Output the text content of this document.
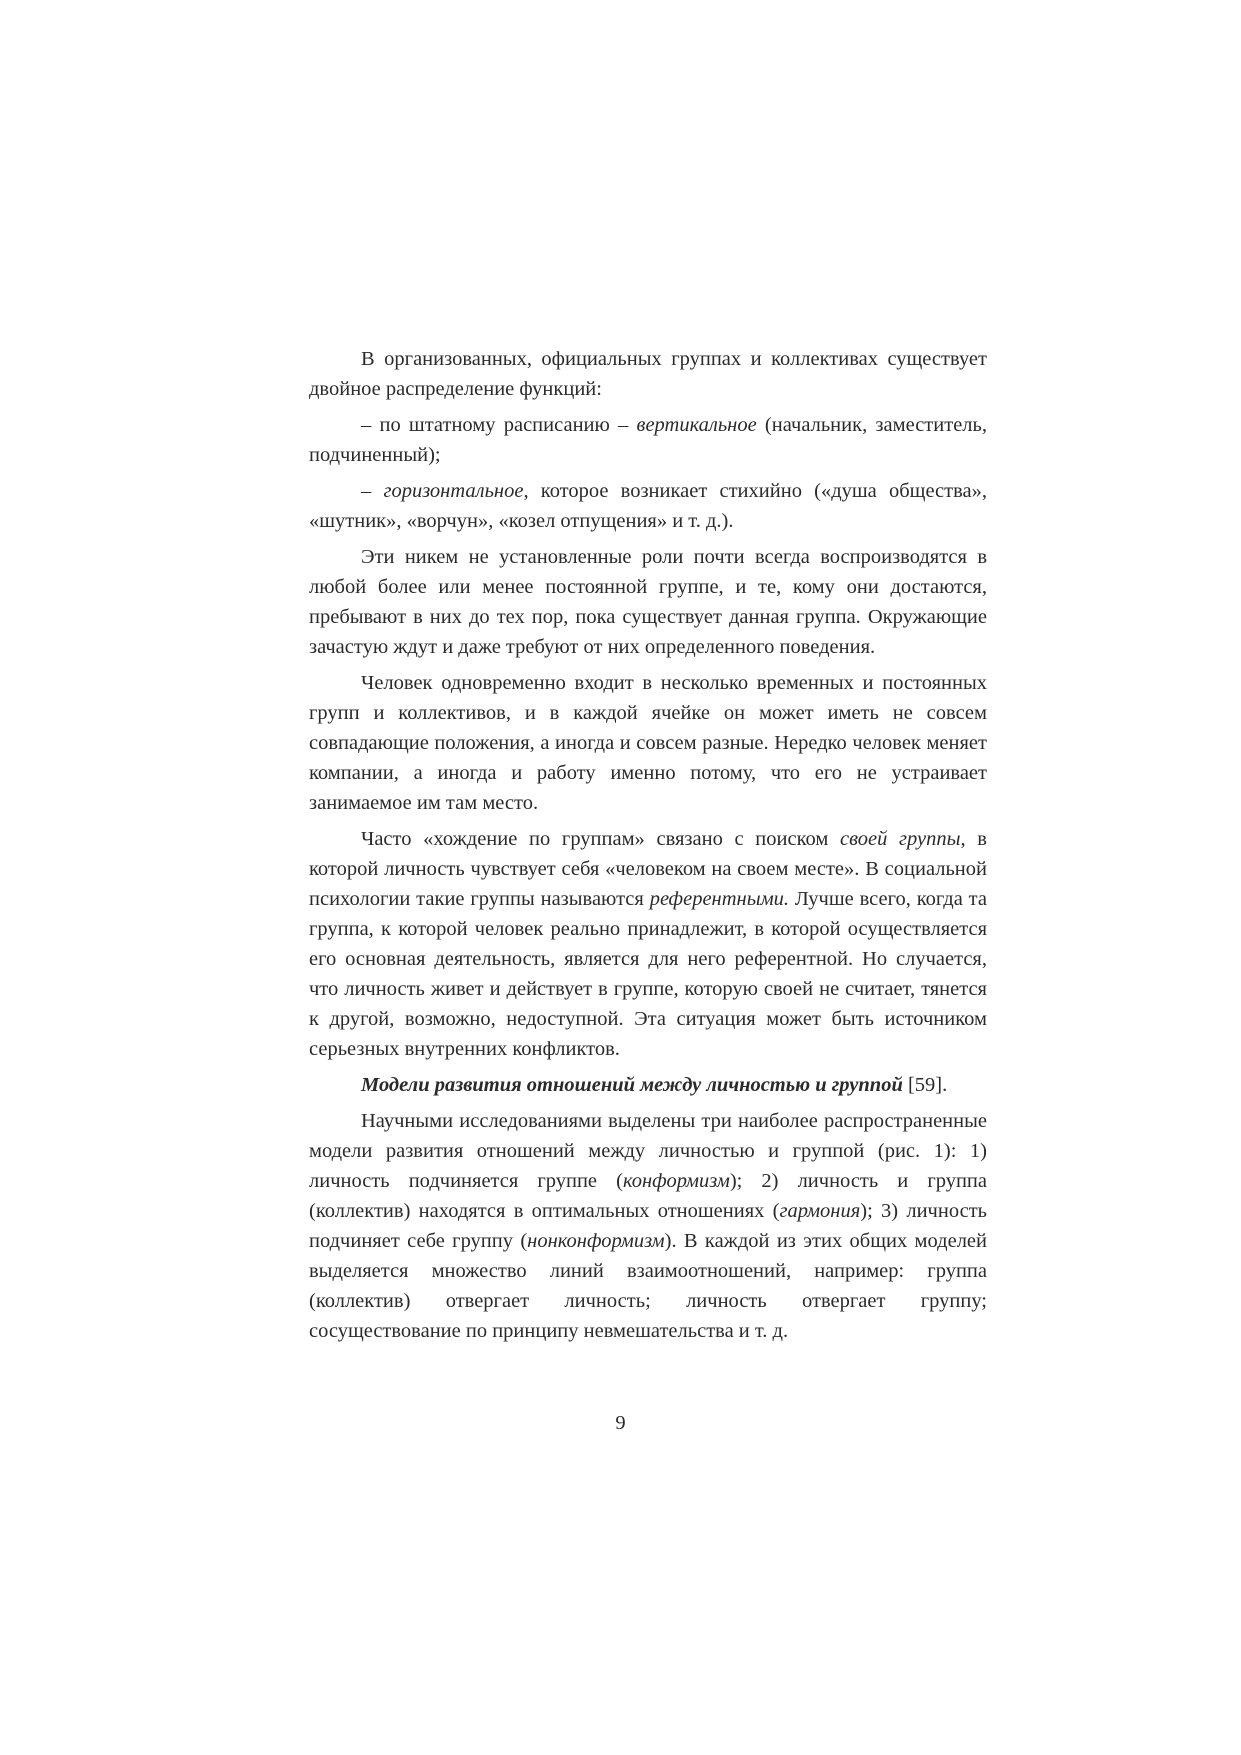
В организованных, официальных группах и коллективах существует двойное распределение функций:

– по штатному расписанию – вертикальное (начальник, заместитель, подчиненный);

– горизонтальное, которое возникает стихийно («душа общества», «шутник», «ворчун», «козел отпущения» и т. д.).

Эти никем не установленные роли почти всегда воспроизводятся в любой более или менее постоянной группе, и те, кому они достаются, пребывают в них до тех пор, пока существует данная группа. Окружающие зачастую ждут и даже требуют от них определенного поведения.

Человек одновременно входит в несколько временных и постоянных групп и коллективов, и в каждой ячейке он может иметь не совсем совпадающие положения, а иногда и совсем разные. Нередко человек меняет компании, а иногда и работу именно потому, что его не устраивает занимаемое им там место.

Часто «хождение по группам» связано с поиском своей группы, в которой личность чувствует себя «человеком на своем месте». В социальной психологии такие группы называются референтными. Лучше всего, когда та группа, к которой человек реально принадлежит, в которой осуществляется его основная деятельность, является для него референтной. Но случается, что личность живет и действует в группе, которую своей не считает, тянется к другой, возможно, недоступной. Эта ситуация может быть источником серьезных внутренних конфликтов.

Модели развития отношений между личностью и группой [59].

Научными исследованиями выделены три наиболее распространенные модели развития отношений между личностью и группой (рис. 1): 1) личность подчиняется группе (конформизм); 2) личность и группа (коллектив) находятся в оптимальных отношениях (гармония); 3) личность подчиняет себе группу (нонконформизм). В каждой из этих общих моделей выделяется множество линий взаимоотношений, например: группа (коллектив) отвергает личность; личность отвергает группу; сосуществование по принципу невмешательства и т. д.

9
